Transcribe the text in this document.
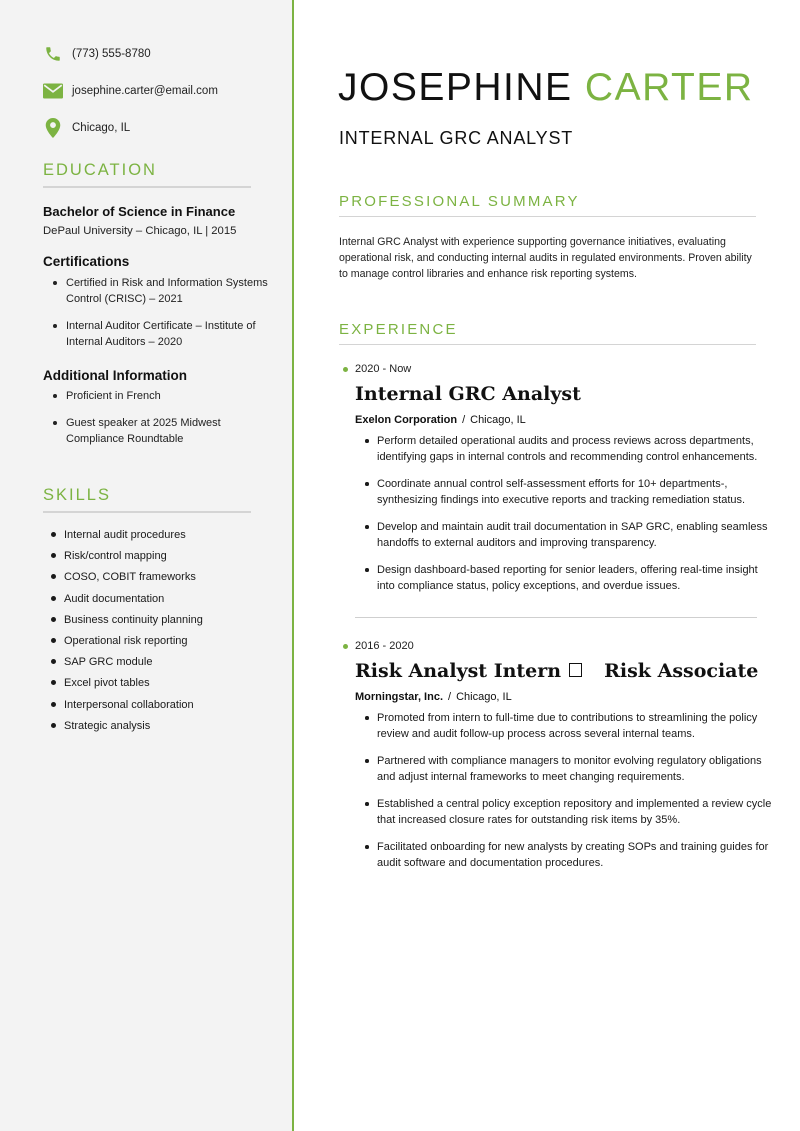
(773) 555-8780
josephine.carter@email.com
Chicago, IL
EDUCATION
Bachelor of Science in Finance
DePaul University – Chicago, IL | 2015
Certifications
Certified in Risk and Information Systems Control (CRISC) – 2021
Internal Auditor Certificate – Institute of Internal Auditors – 2020
Additional Information
Proficient in French
Guest speaker at 2025 Midwest Compliance Roundtable
SKILLS
Internal audit procedures
Risk/control mapping
COSO, COBIT frameworks
Audit documentation
Business continuity planning
Operational risk reporting
SAP GRC module
Excel pivot tables
Interpersonal collaboration
Strategic analysis
JOSEPHINE CARTER
INTERNAL GRC ANALYST
PROFESSIONAL SUMMARY

Internal GRC Analyst with experience supporting governance initiatives, evaluating operational risk, and conducting internal audits in regulated environments. Proven ability to manage control libraries and enhance risk reporting systems.

EXPERIENCE
2020 - Now
Internal GRC Analyst
Exelon Corporation / Chicago, IL
Perform detailed operational audits and process reviews across departments, identifying gaps in internal controls and recommending control enhancements.
Coordinate annual control self-assessment efforts for 10+ departments-, synthesizing findings into executive reports and tracking remediation status.
Develop and maintain audit trail documentation in SAP GRC, enabling seamless handoffs to external auditors and improving transparency.
Design dashboard-based reporting for senior leaders, offering real-time insight into compliance status, policy exceptions, and overdue issues.
2016 - 2020
Risk Analyst Intern Risk Associate
Morningstar, Inc. / Chicago, IL
Promoted from intern to full-time due to contributions to streamlining the policy review and audit follow-up process across several internal teams.
Partnered with compliance managers to monitor evolving regulatory obligations and adjust internal frameworks to meet changing requirements.
Established a central policy exception repository and implemented a review cycle that increased closure rates for outstanding risk items by 35%.
Facilitated onboarding for new analysts by creating SOPs and training guides for audit software and documentation procedures.
